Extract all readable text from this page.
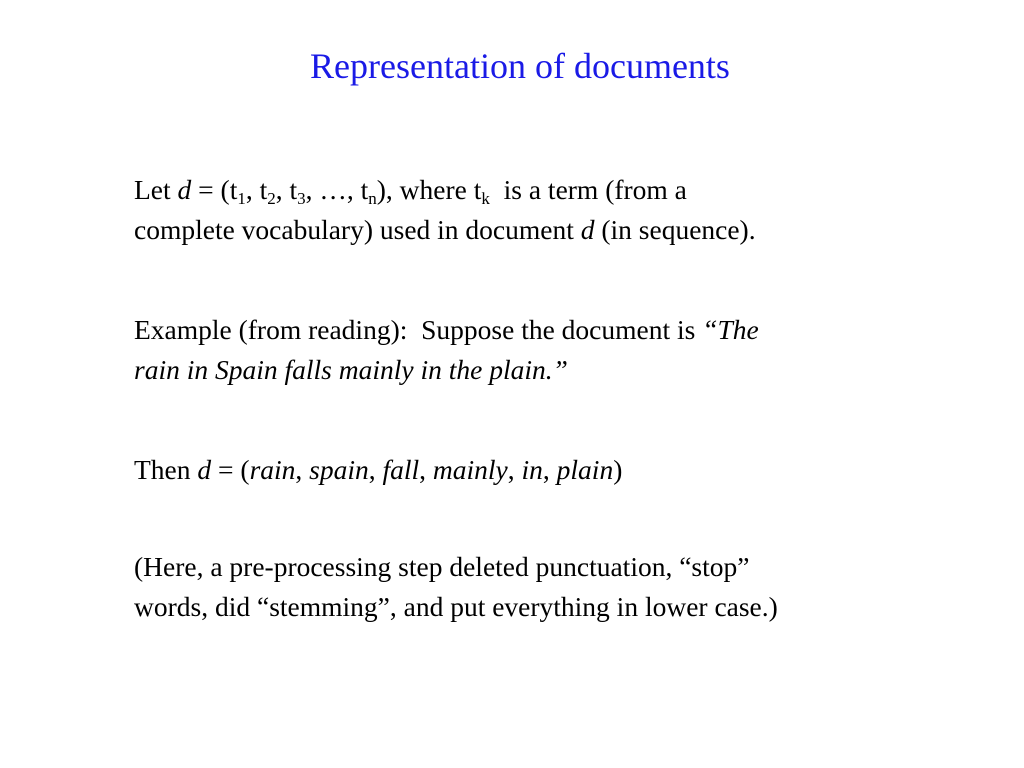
Representation of documents
Let $d = (t_1$, $t_2$, $t_3$, …, $t_n$), where $t_k$  is a term (from a
complete vocabulary) used in document d (in sequence).
Example (from reading):  Suppose the document is “The
rain in Spain falls mainly in the plain.”
Then d = (rain, spain, fall, mainly, in, plain)
(Here, a pre-processing step deleted punctuation, “stop”
words, did “stemming”, and put everything in lower case.)
